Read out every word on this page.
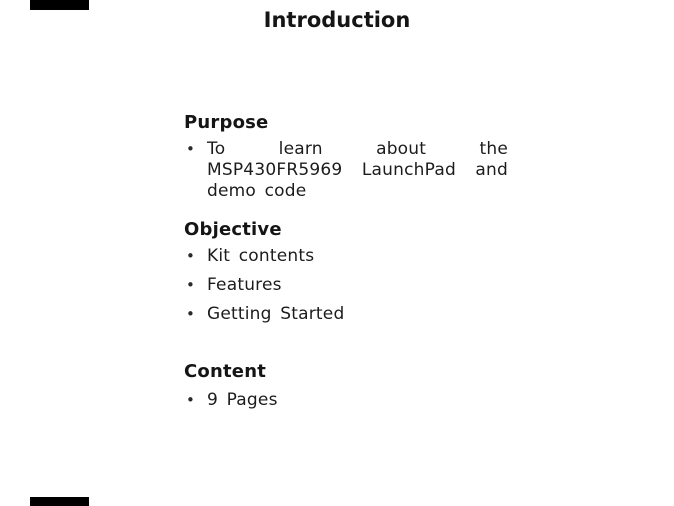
Introduction
Purpose
• To learn about the MSP430FR5969 LaunchPad and demo code
Objective
• Kit contents
• Features
• Getting Started
Content
• 9 Pages
